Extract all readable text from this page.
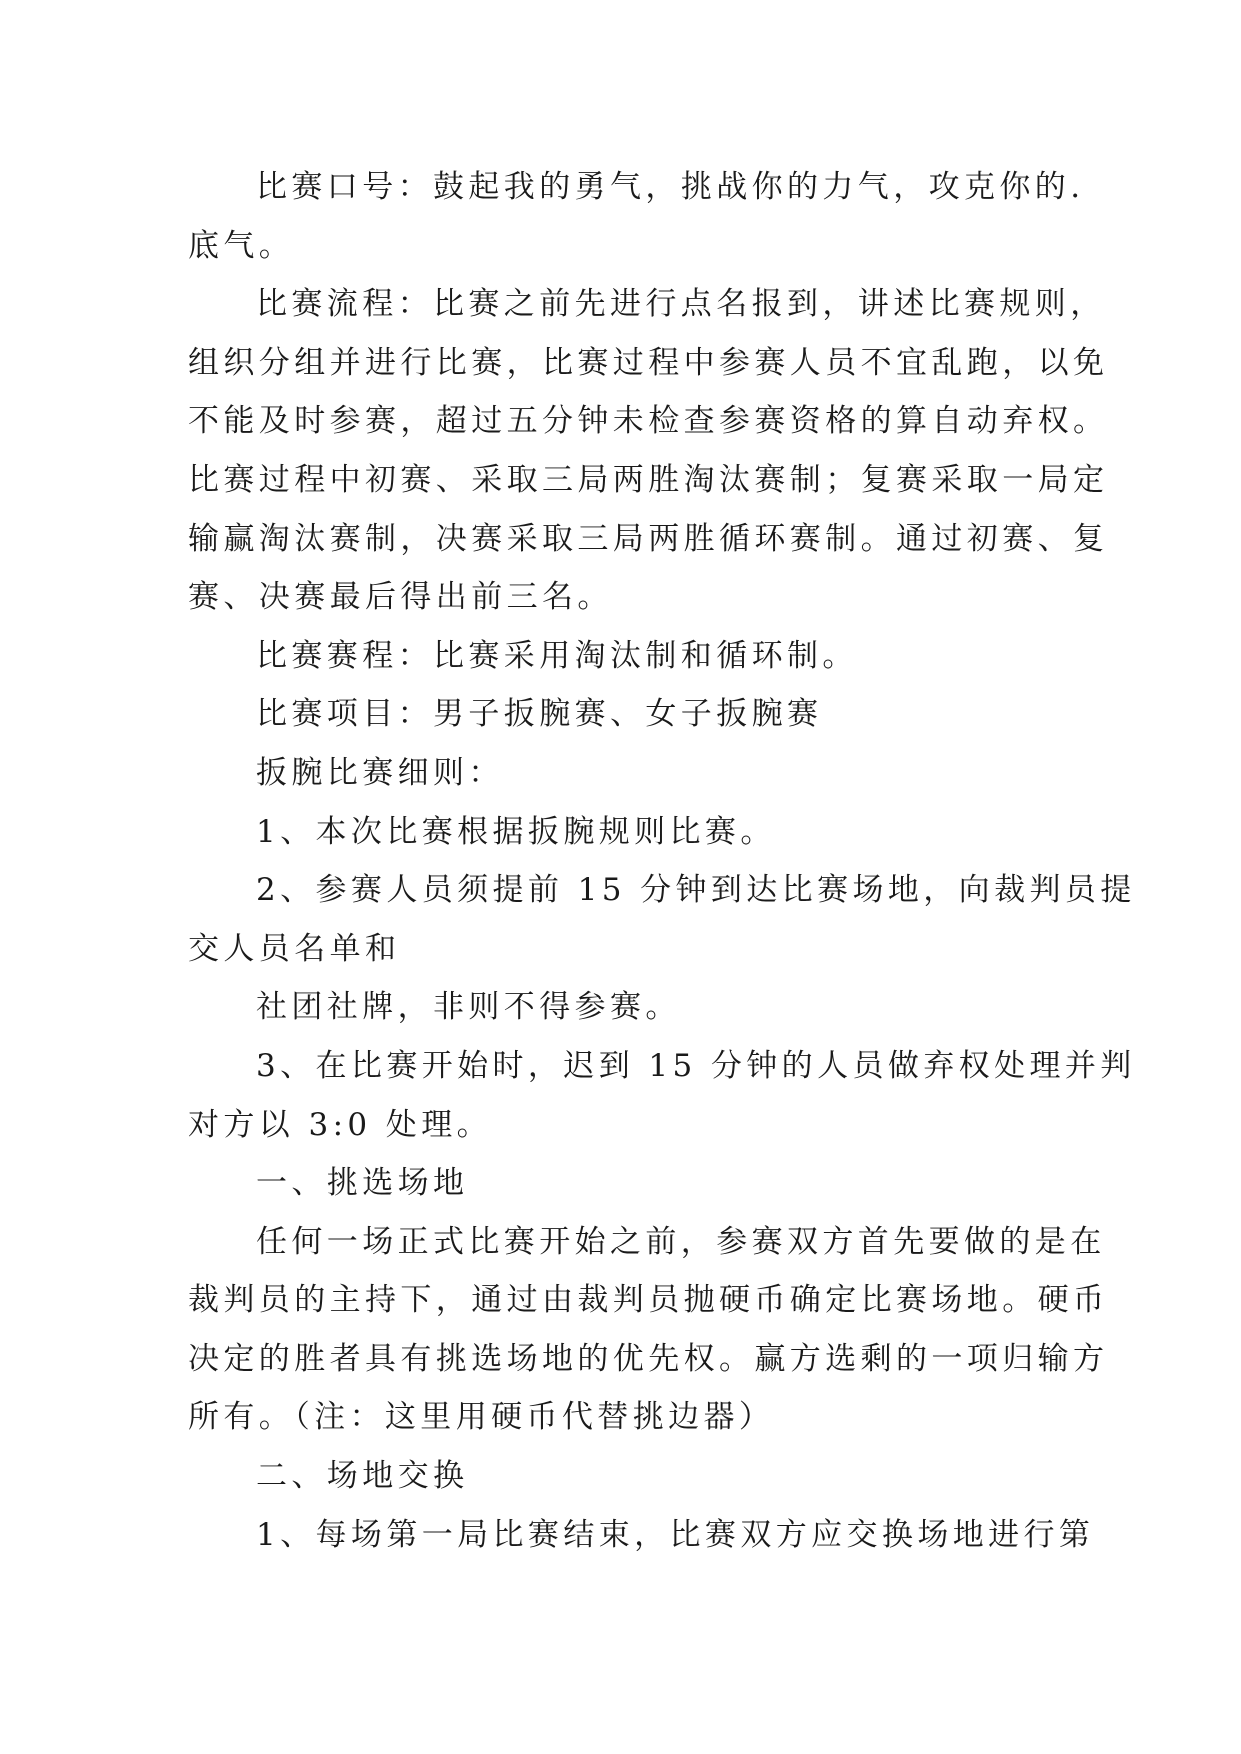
比赛口号：鼓起我的勇气，挑战你的力气，攻克你的.

底气。

比赛流程：比赛之前先进行点名报到，讲述比赛规则，

组织分组并进行比赛，比赛过程中参赛人员不宜乱跑，以免

不能及时参赛，超过五分钟未检查参赛资格的算自动弃权。

比赛过程中初赛、采取三局两胜淘汰赛制；复赛采取一局定

输赢淘汰赛制，决赛采取三局两胜循环赛制。通过初赛、复

赛、决赛最后得出前三名。

比赛赛程：比赛采用淘汰制和循环制。

比赛项目：男子扳腕赛、女子扳腕赛

扳腕比赛细则：

1、本次比赛根据扳腕规则比赛。

2、参赛人员须提前 15 分钟到达比赛场地，向裁判员提

交人员名单和

社团社牌，非则不得参赛。

3、在比赛开始时，迟到 15 分钟的人员做弃权处理并判

对方以 3:0 处理。

一、挑选场地

任何一场正式比赛开始之前，参赛双方首先要做的是在

裁判员的主持下，通过由裁判员抛硬币确定比赛场地。硬币

决定的胜者具有挑选场地的优先权。赢方选剩的一项归输方

所有。（注：这里用硬币代替挑边器）

二、场地交换

1、每场第一局比赛结束，比赛双方应交换场地进行第
